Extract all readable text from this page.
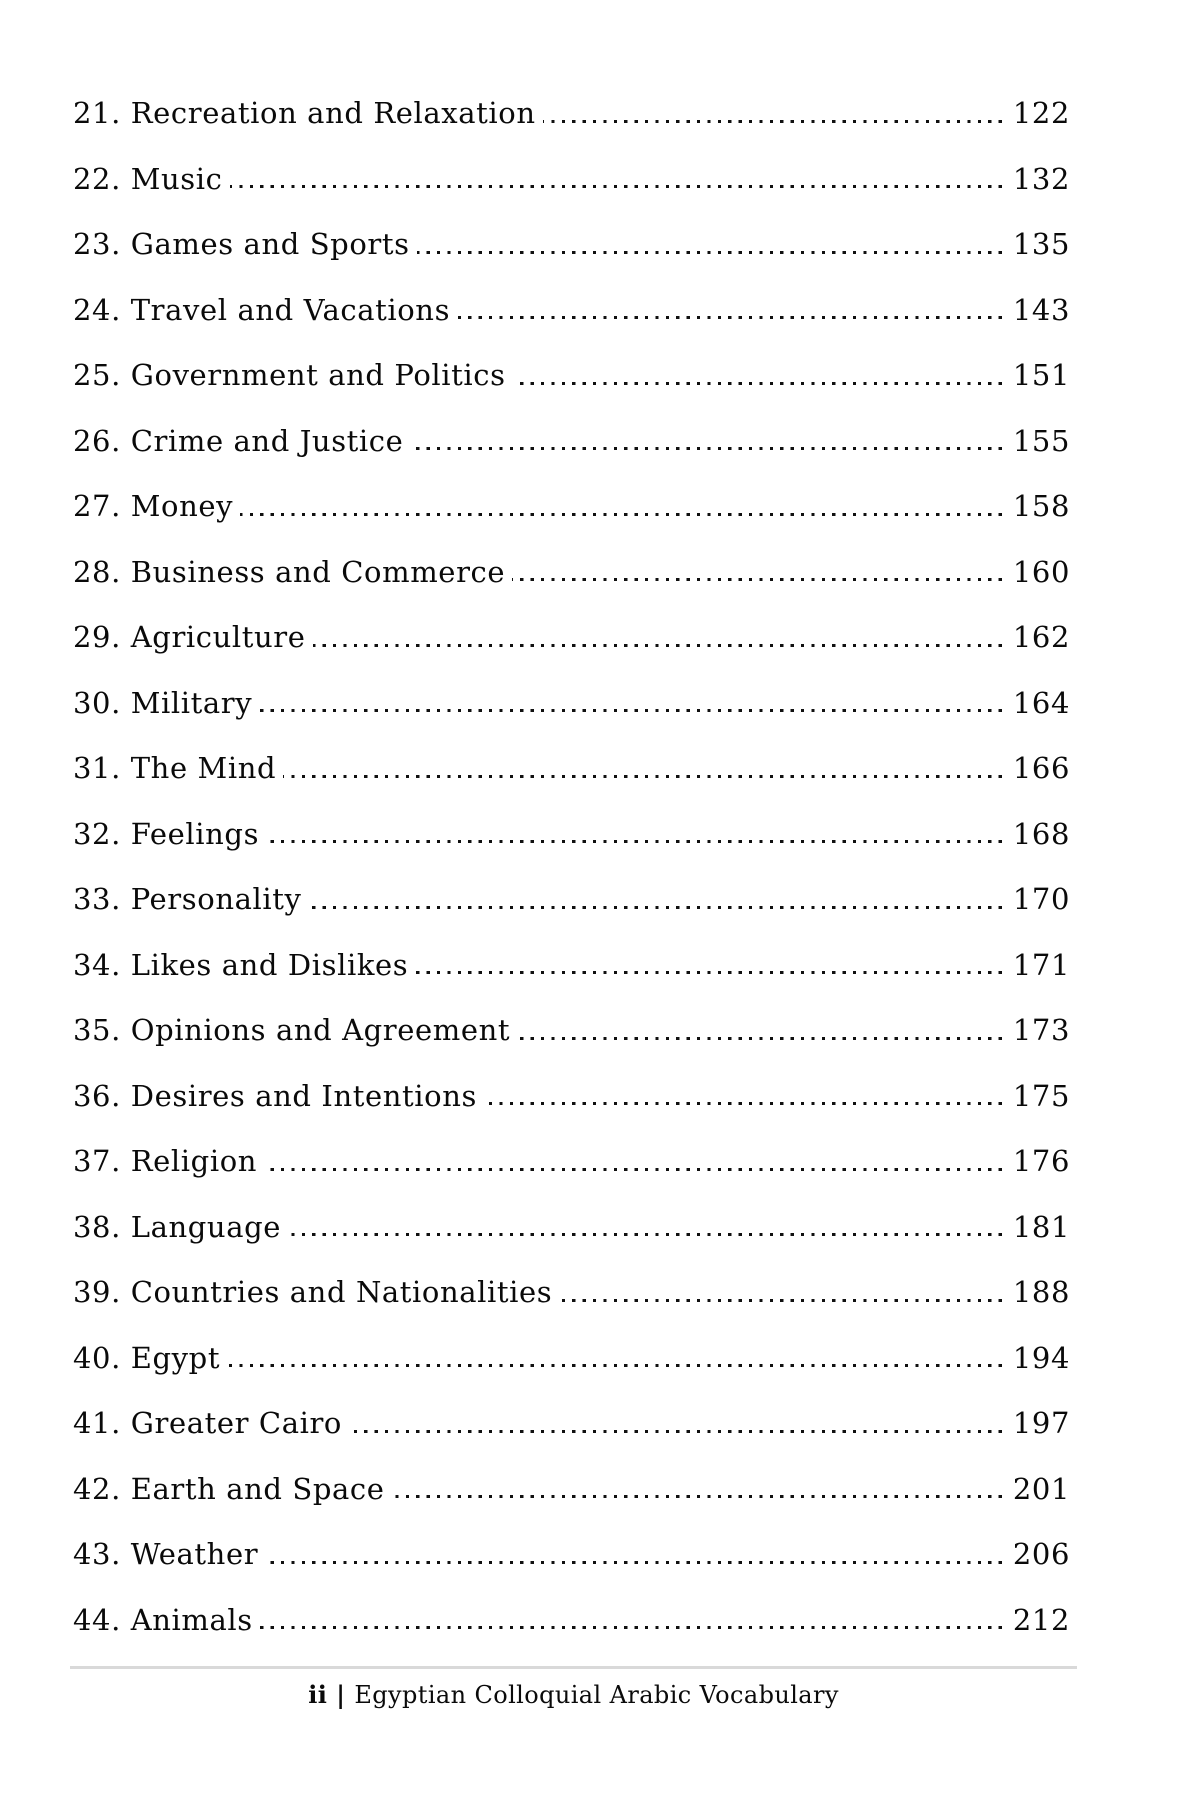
21. Recreation and Relaxation	122
22. Music	132
23. Games and Sports	135
24. Travel and Vacations	143
25. Government and Politics	151
26. Crime and Justice	155
27. Money	158
28. Business and Commerce	160
29. Agriculture	162
30. Military	164
31. The Mind	166
32. Feelings	168
33. Personality	170
34. Likes and Dislikes	171
35. Opinions and Agreement	173
36. Desires and Intentions	175
37. Religion	176
38. Language	181
39. Countries and Nationalities	188
40. Egypt	194
41. Greater Cairo	197
42. Earth and Space	201
43. Weather	206
44. Animals	212
ii | Egyptian Colloquial Arabic Vocabulary
